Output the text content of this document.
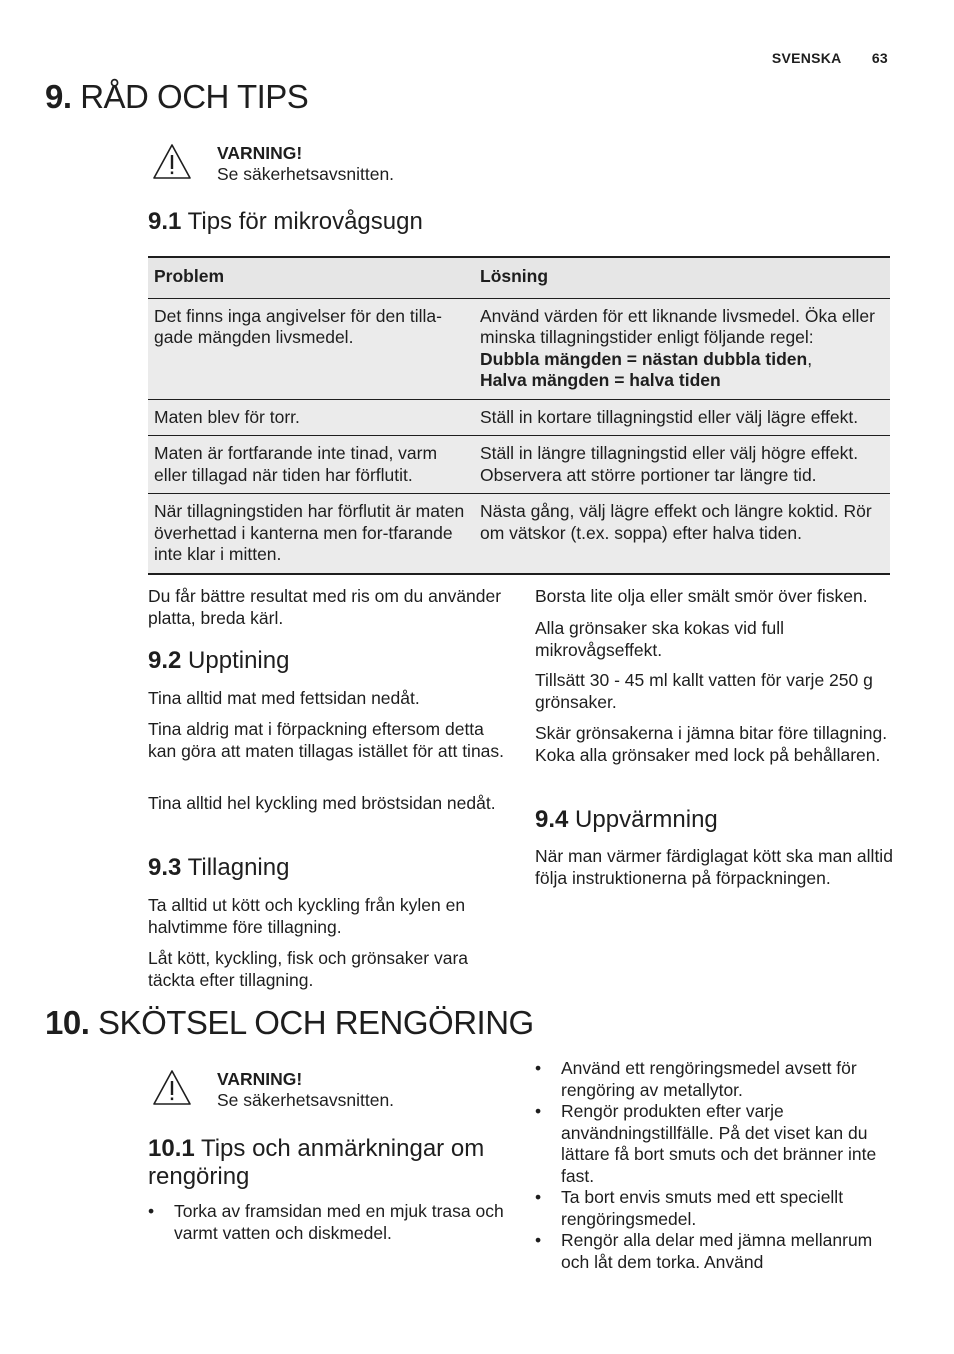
SVENSKA 63
9. RÅD OCH TIPS
VARNING!
Se säkerhetsavsnitten.
9.1 Tips för mikrovågsugn
Problem	Lösning
Det finns inga angivelser för den tilla-gade mängden livsmedel.	Använd värden för ett liknande livsmedel. Öka eller minska tillagningstider enligt följande regel:
Dubbla mängden = nästan dubbla tiden,
Halva mängden = halva tiden
Maten blev för torr.	Ställ in kortare tillagningstid eller välj lägre effekt.
Maten är fortfarande inte tinad, varm eller tillagad när tiden har förflutit.	Ställ in längre tillagningstid eller välj högre effekt. Observera att större portioner tar längre tid.
När tillagningstiden har förflutit är maten överhettad i kanterna men for-tfarande inte klar i mitten.	Nästa gång, välj lägre effekt och längre koktid. Rör om vätskor (t.ex. soppa) efter halva tiden.
Du får bättre resultat med ris om du använder platta, breda kärl.
9.2 Upptining
Tina alltid mat med fettsidan nedåt.
Tina aldrig mat i förpackning eftersom detta kan göra att maten tillagas istället för att tinas.
Tina alltid hel kyckling med bröstsidan nedåt.
9.3 Tillagning
Ta alltid ut kött och kyckling från kylen en halvtimme före tillagning.
Låt kött, kyckling, fisk och grönsaker vara täckta efter tillagning.
Borsta lite olja eller smält smör över fisken.
Alla grönsaker ska kokas vid full mikrovågseffekt.
Tillsätt 30 - 45 ml kallt vatten för varje 250 g grönsaker.
Skär grönsakerna i jämna bitar före tillagning. Koka alla grönsaker med lock på behållaren.
9.4 Uppvärmning
När man värmer färdiglagat kött ska man alltid följa instruktionerna på förpackningen.
10. SKÖTSEL OCH RENGÖRING
VARNING!
Se säkerhetsavsnitten.
10.1 Tips och anmärkningar om
rengöring
• Torka av framsidan med en mjuk trasa och varmt vatten och diskmedel.
• Använd ett rengöringsmedel avsett för rengöring av metallytor.
• Rengör produkten efter varje användningstillfälle. På det viset kan du lättare få bort smuts och det bränner inte fast.
• Ta bort envis smuts med ett speciellt rengöringsmedel.
• Rengör alla delar med jämna mellanrum och låt dem torka. Använd
